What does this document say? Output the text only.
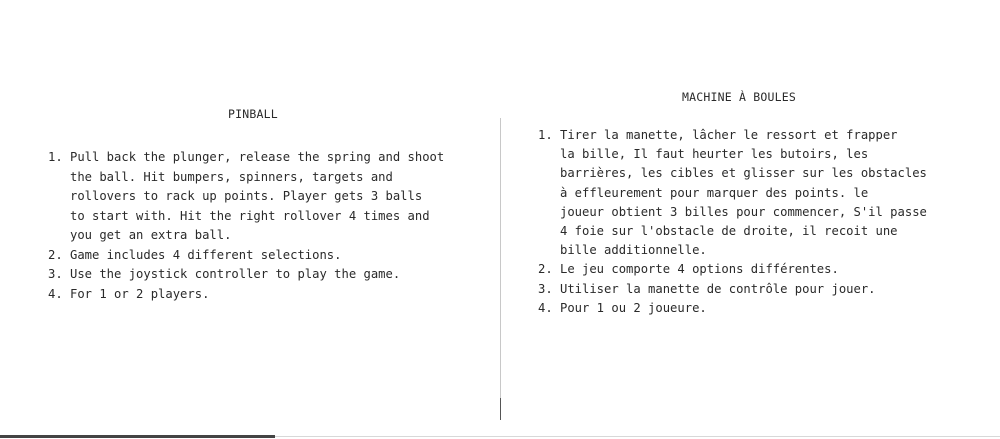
PINBALL
1. Pull back the plunger, release the spring and shoot
the ball. Hit bumpers, spinners, targets and
rollovers to rack up points. Player gets 3 balls
to start with. Hit the right rollover 4 times and
you get an extra ball.
2. Game includes 4 different selections.
3. Use the joystick controller to play the game.
4. For 1 or 2 players.
MACHINE À BOULES
1. Tirer la manette, lâcher le ressort et frapper
la bille, Il faut heurter les butoirs, les
barrières, les cibles et glisser sur les obstacles
à effleurement pour marquer des points. le
joueur obtient 3 billes pour commencer, S'il passe
4 foie sur l'obstacle de droite, il recoit une
bille additionnelle.
2. Le jeu comporte 4 options différentes.
3. Utiliser la manette de contrôle pour jouer.
4. Pour 1 ou 2 joueure.
